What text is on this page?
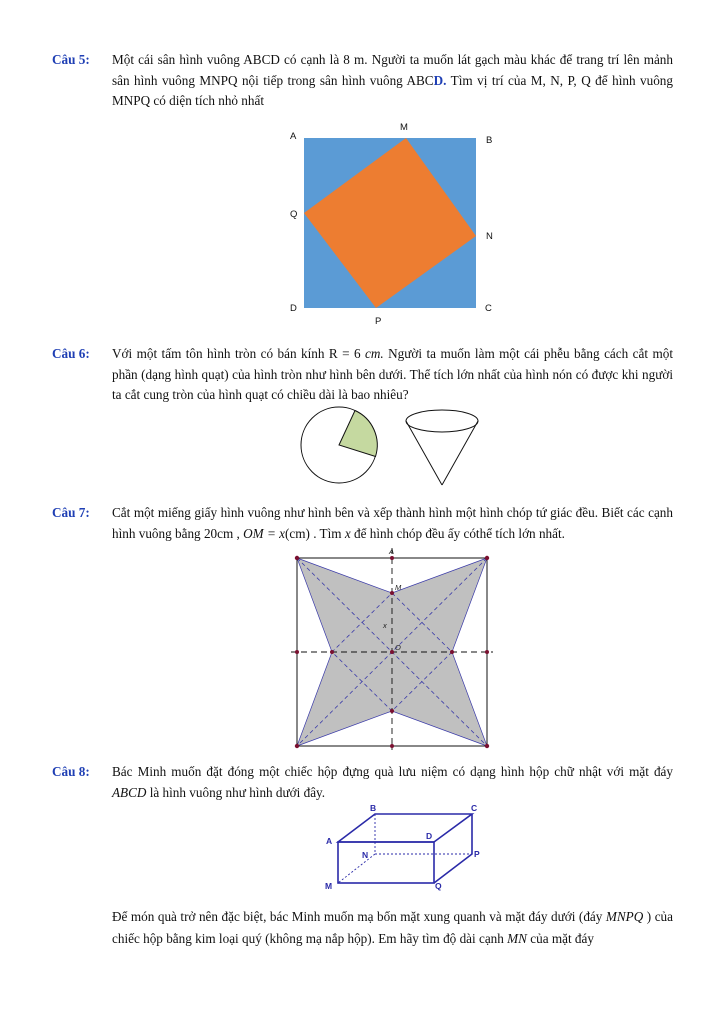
Câu 5: Một cái sân hình vuông ABCD có cạnh là 8 m. Người ta muốn lát gạch màu khác để trang trí lên mảnh sân hình vuông MNPQ nội tiếp trong sân hình vuông ABCD. Tìm vị trí của M, N, P, Q để hình vuông MNPQ có diện tích nhỏ nhất
A
M
B
Q
N
D	C
P
Câu 6: Với một tấm tôn hình tròn có bán kính R = 6 cm. Người ta muốn làm một cái phễu bằng cách cắt một phần (dạng hình quạt) của hình tròn như hình bên dưới. Thể tích lớn nhất của hình nón có được khi người ta cắt cung tròn của hình quạt có chiều dài là bao nhiêu?
Câu 7: Cắt một miếng giấy hình vuông như hình bên và xếp thành hình một hình chóp tứ giác đều. Biết các cạnh hình vuông bằng 20cm , OM = x(cm) . Tìm x để hình chóp đều ấy cóthể tích lớn nhất.
A
M
x
O
Câu 8: Bác Minh muốn đặt đóng một chiếc hộp đựng quà lưu niệm có dạng hình hộp chữ nhật với mặt đáy ABCD là hình vuông như hình dưới đây.
B	C
A	D
N	P
M	Q
Để món quà trở nên đặc biệt, bác Minh muốn mạ bốn mặt xung quanh và mặt đáy dưới (đáy MNPQ ) của chiếc hộp bằng kim loại quý (không mạ nắp hộp). Em hãy tìm độ dài cạnh MN của mặt đáy
